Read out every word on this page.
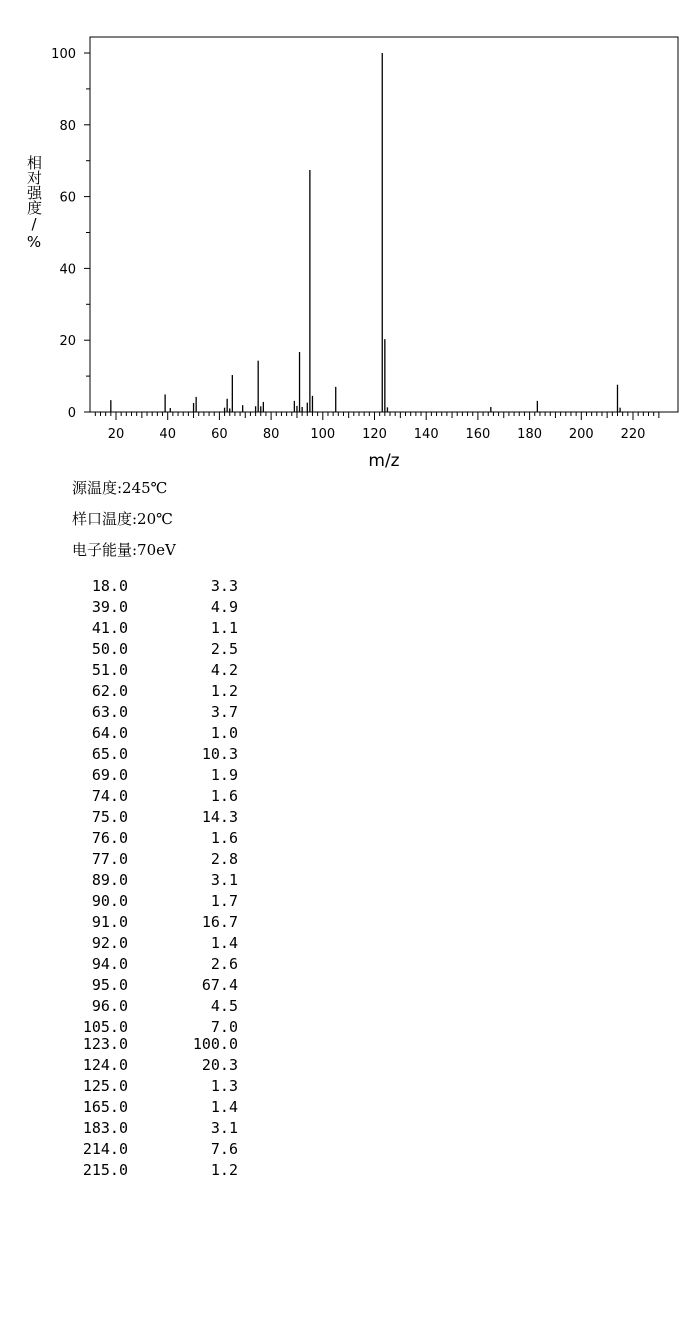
0
20
40
60
80
100
20	40	60	80 100 120 140 160 180 200 220
m/z
相对强度/%
源温度:245℃
样口温度:20℃
电子能量:70eV
18.0	3.3
39.0	4.9
41.0	1.1
50.0	2.5
51.0	4.2
62.0	1.2
63.0	3.7
64.0	1.0
65.0	10.3
69.0	1.9
74.0	1.6
75.0	14.3
76.0	1.6
77.0	2.8
89.0	3.1
90.0	1.7
91.0	16.7
92.0	1.4
94.0	2.6
95.0	67.4
96.0	4.5
105.0	7.0
123.0	100.0
124.0	20.3
125.0	1.3
165.0	1.4
183.0	3.1
214.0	7.6
215.0	1.2
